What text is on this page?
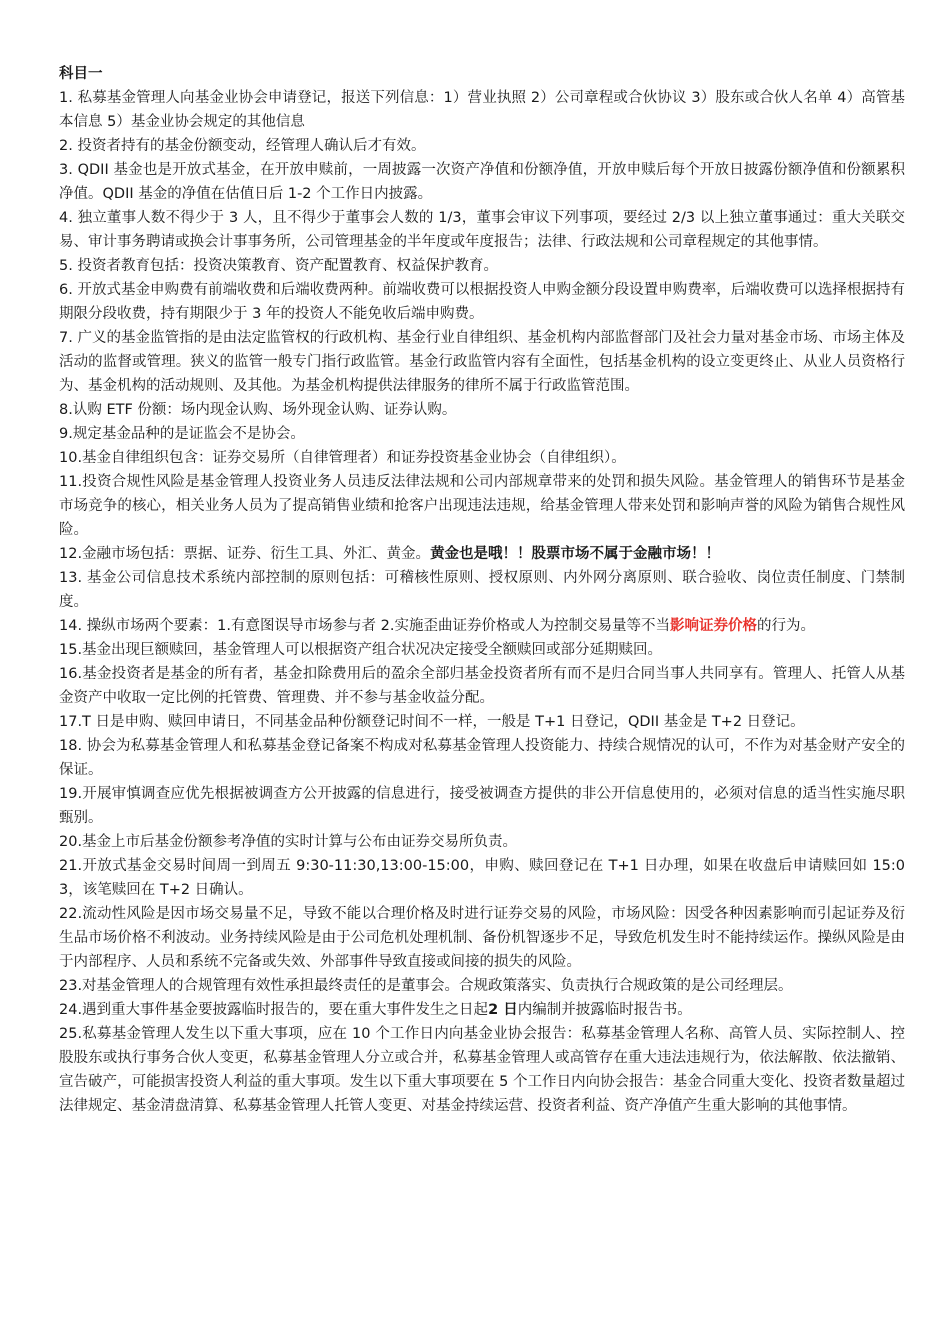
科目一

1. 私募基金管理人向基金业协会申请登记，报送下列信息：1）营业执照 2）公司章程或合伙协议 3）股东或合伙人名单 4）高管基本信息 5）基金业协会规定的其他信息

2. 投资者持有的基金份额变动，经管理人确认后才有效。

3. QDII 基金也是开放式基金，在开放申赎前，一周披露一次资产净值和份额净值，开放申赎后每个开放日披露份额净值和份额累积净值。QDII 基金的净值在估值日后 1-2 个工作日内披露。

4. 独立董事人数不得少于 3 人，且不得少于董事会人数的 1/3，董事会审议下列事项，要经过 2/3 以上独立董事通过：重大关联交易、审计事务聘请或换会计事事务所，公司管理基金的半年度或年度报告；法律、行政法规和公司章程规定的其他事情。

5. 投资者教育包括：投资决策教育、资产配置教育、权益保护教育。

6. 开放式基金申购费有前端收费和后端收费两种。前端收费可以根据投资人申购金额分段设置申购费率，后端收费可以选择根据持有期限分段收费，持有期限少于 3 年的投资人不能免收后端申购费。

7. 广义的基金监管指的是由法定监管权的行政机构、基金行业自律组织、基金机构内部监督部门及社会力量对基金市场、市场主体及活动的监督或管理。狭义的监管一般专门指行政监管。基金行政监管内容有全面性，包括基金机构的设立变更终止、从业人员资格行为、基金机构的活动规则、及其他。为基金机构提供法律服务的律所不属于行政监管范围。

8.认购 ETF 份额：场内现金认购、场外现金认购、证券认购。

9.规定基金品种的是证监会不是协会。

10.基金自律组织包含：证券交易所（自律管理者）和证券投资基金业协会（自律组织）。

11.投资合规性风险是基金管理人投资业务人员违反法律法规和公司内部规章带来的处罚和损失风险。基金管理人的销售环节是基金市场竞争的核心，相关业务人员为了提高销售业绩和抢客户出现违法违规，给基金管理人带来处罚和影响声誉的风险为销售合规性风险。

12.金融市场包括：票据、证券、衍生工具、外汇、黄金。黄金也是哦！！股票市场不属于金融市场！！

13. 基金公司信息技术系统内部控制的原则包括：可稽核性原则、授权原则、内外网分离原则、联合验收、岗位责任制度、门禁制度。

14. 操纵市场两个要素：1.有意图误导市场参与者 2.实施歪曲证券价格或人为控制交易量等不当影响证券价格的行为。

15.基金出现巨额赎回，基金管理人可以根据资产组合状况决定接受全额赎回或部分延期赎回。

16.基金投资者是基金的所有者，基金扣除费用后的盈余全部归基金投资者所有而不是归合同当事人共同享有。管理人、托管人从基金资产中收取一定比例的托管费、管理费、并不参与基金收益分配。

17.T 日是申购、赎回申请日，不同基金品种份额登记时间不一样，一般是 T+1 日登记，QDII 基金是 T+2 日登记。

18. 协会为私募基金管理人和私募基金登记备案不构成对私募基金管理人投资能力、持续合规情况的认可，不作为对基金财产安全的保证。

19.开展审慎调查应优先根据被调查方公开披露的信息进行，接受被调查方提供的非公开信息使用的，必须对信息的适当性实施尽职甄别。

20.基金上市后基金份额参考净值的实时计算与公布由证券交易所负责。

21.开放式基金交易时间周一到周五 9:30-11:30,13:00-15:00，申购、赎回登记在 T+1 日办理，如果在收盘后申请赎回如 15:03，该笔赎回在 T+2 日确认。

22.流动性风险是因市场交易量不足，导致不能以合理价格及时进行证券交易的风险，市场风险：因受各种因素影响而引起证券及衍生品市场价格不利波动。业务持续风险是由于公司危机处理机制、备份机智逐步不足，导致危机发生时不能持续运作。操纵风险是由于内部程序、人员和系统不完备或失效、外部事件导致直接或间接的损失的风险。

23.对基金管理人的合规管理有效性承担最终责任的是董事会。合规政策落实、负责执行合规政策的是公司经理层。

24.遇到重大事件基金要披露临时报告的，要在重大事件发生之日起2 日内编制并披露临时报告书。

25.私募基金管理人发生以下重大事项，应在 10 个工作日内向基金业协会报告：私募基金管理人名称、高管人员、实际控制人、控股股东或执行事务合伙人变更，私募基金管理人分立或合并，私募基金管理人或高管存在重大违法违规行为，依法解散、依法撤销、宣告破产，可能损害投资人利益的重大事项。发生以下重大事项要在 5 个工作日内向协会报告：基金合同重大变化、投资者数量超过法律规定、基金清盘清算、私募基金管理人托管人变更、对基金持续运营、投资者利益、资产净值产生重大影响的其他事情。
